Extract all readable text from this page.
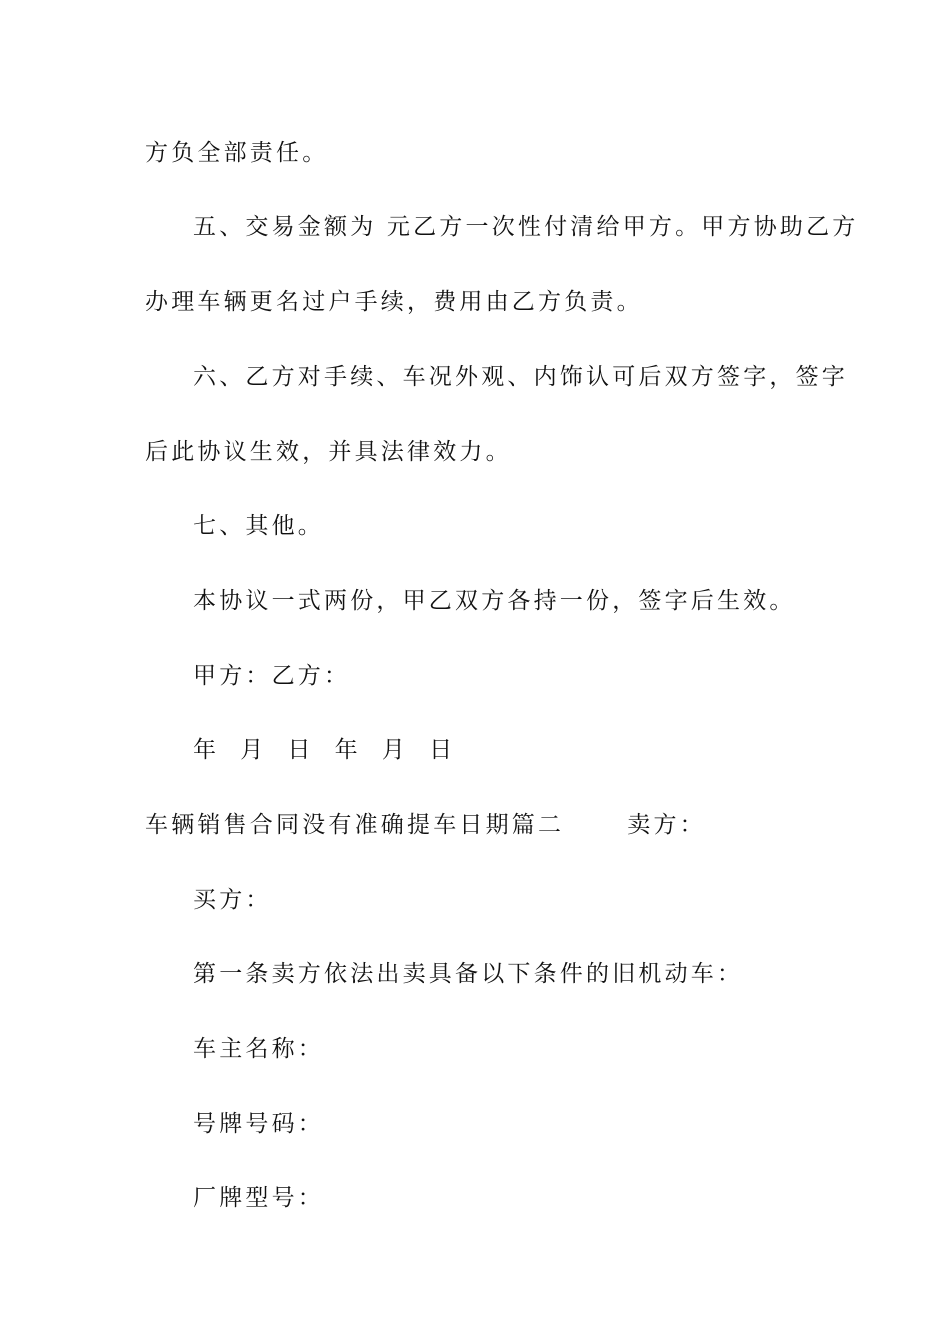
方负全部责任。
五、交易金额为 元乙方一次性付清给甲方。甲方协助乙方
办理车辆更名过户手续，费用由乙方负责。
六、乙方对手续、车况外观、内饰认可后双方签字，签字
后此协议生效，并具法律效力。
七、其他。
本协议一式两份，甲乙双方各持一份，签字后生效。
甲方：乙方：
年  月  日  年  月  日
车辆销售合同没有准确提车日期篇二      卖方：
买方：
第一条卖方依法出卖具备以下条件的旧机动车：
车主名称：
号牌号码：
厂牌型号：
